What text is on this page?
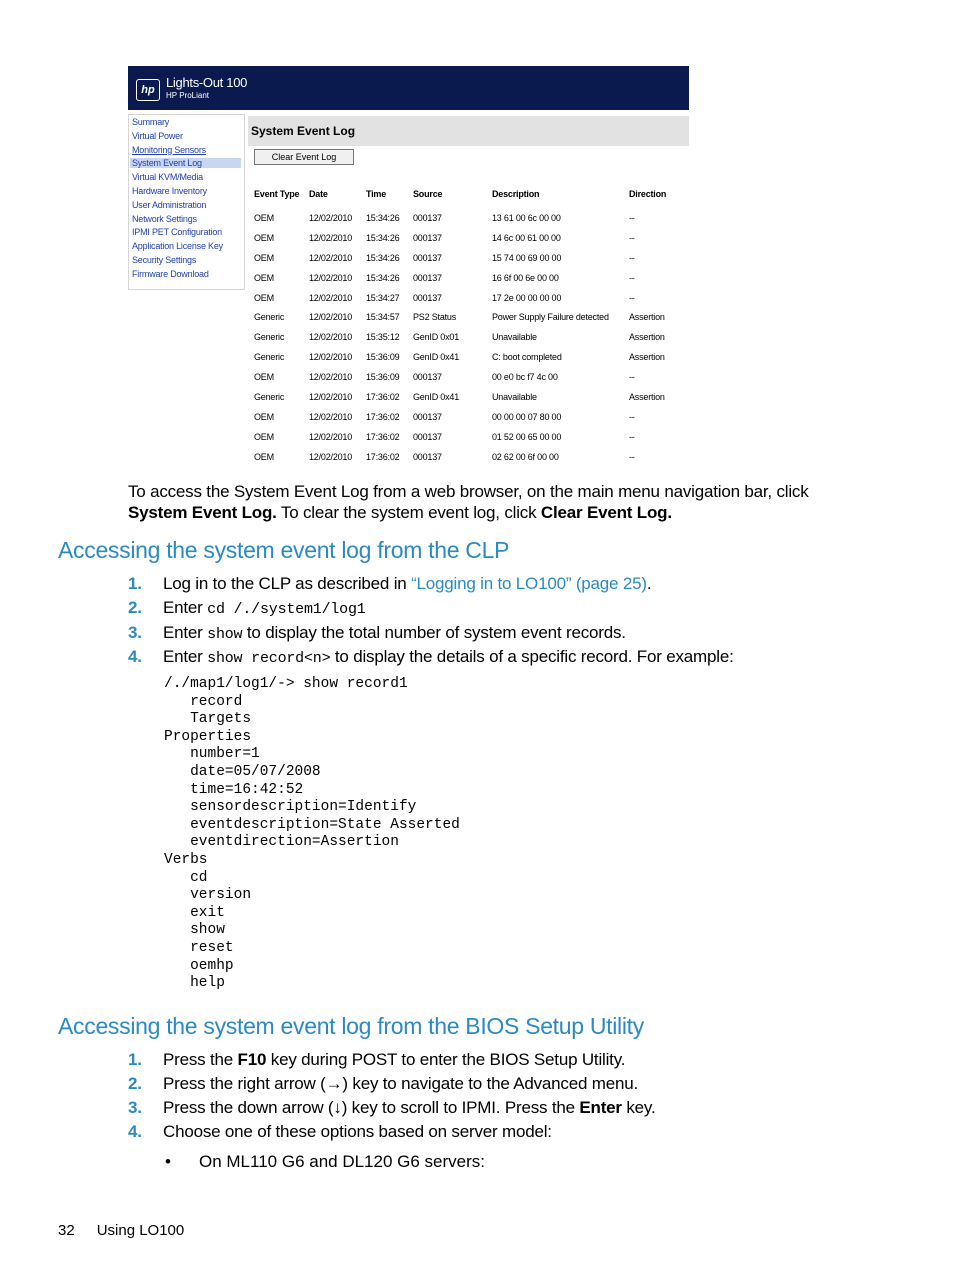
hp Lights-Out 100
HP ProLiant
Summary
Virtual Power
Monitoring Sensors
System Event Log
Virtual KVM/Media
Hardware Inventory
User Administration
Network Settings
IPMI PET Configuration
Application License Key
Security Settings
Firmware Download
System Event Log
Clear Event Log
Event Type	Date	Time	Source	Description	Direction
OEM	12/02/2010	15:34:26	000137	13 61 00 6c 00 00	--
OEM	12/02/2010	15:34:26	000137	14 6c 00 61 00 00	--
OEM	12/02/2010	15:34:26	000137	15 74 00 69 00 00	--
OEM	12/02/2010	15:34:26	000137	16 6f 00 6e 00 00	--
OEM	12/02/2010	15:34:27	000137	17 2e 00 00 00 00	--
Generic	12/02/2010	15:34:57	PS2 Status	Power Supply Failure detected	Assertion
Generic	12/02/2010	15:35:12	GenID 0x01	Unavailable	Assertion
Generic	12/02/2010	15:36:09	GenID 0x41	C: boot completed	Assertion
OEM	12/02/2010	15:36:09	000137	00 e0 bc f7 4c 00	--
Generic	12/02/2010	17:36:02	GenID 0x41	Unavailable	Assertion
OEM	12/02/2010	17:36:02	000137	00 00 00 07 80 00	--
OEM	12/02/2010	17:36:02	000137	01 52 00 65 00 00	--
OEM	12/02/2010	17:36:02	000137	02 62 00 6f 00 00	--
To access the System Event Log from a web browser, on the main menu navigation bar, click System Event Log. To clear the system event log, click Clear Event Log.
Accessing the system event log from the CLP
1. Log in to the CLP as described in “Logging in to LO100” (page 25).
2. Enter cd /./system1/log1
3. Enter show to display the total number of system event records.
4. Enter show record<n> to display the details of a specific record. For example:
/./map1/log1/-> show record1
record
Targets
Properties
number=1
date=05/07/2008
time=16:42:52
sensordescription=Identify
eventdescription=State Asserted
eventdirection=Assertion
Verbs
cd
version
exit
show
reset
oemhp
help
Accessing the system event log from the BIOS Setup Utility
1. Press the F10 key during POST to enter the BIOS Setup Utility.
2. Press the right arrow (→) key to navigate to the Advanced menu.
3. Press the down arrow (↓) key to scroll to IPMI. Press the Enter key.
4. Choose one of these options based on server model:
• On ML110 G6 and DL120 G6 servers:
32 Using LO100
